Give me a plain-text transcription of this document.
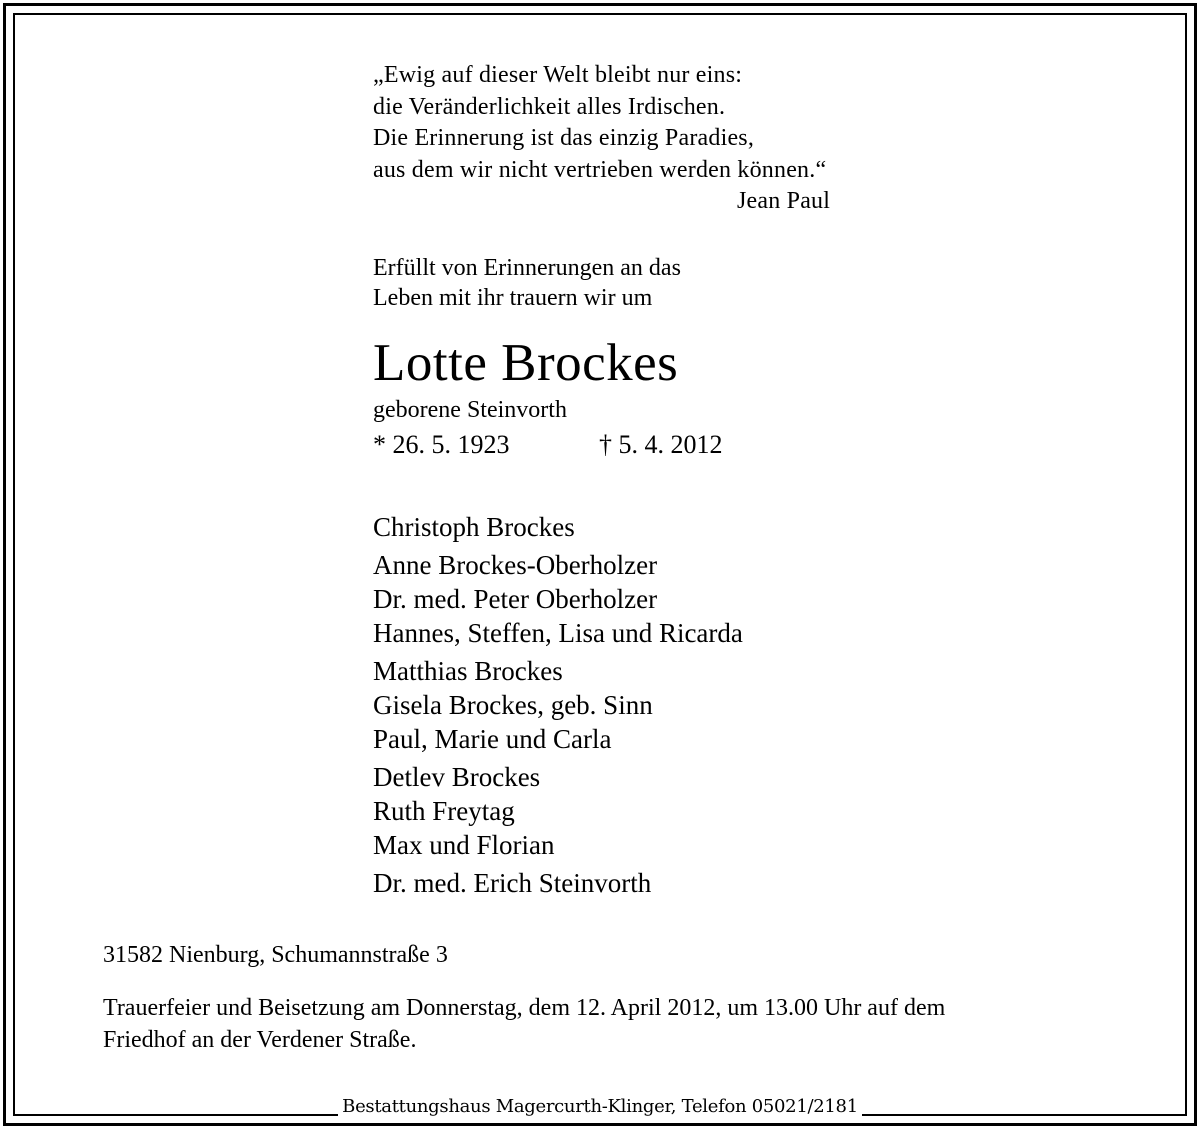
„Ewig auf dieser Welt bleibt nur eins:
die Veränderlichkeit alles Irdischen.
Die Erinnerung ist das einzig Paradies,
aus dem wir nicht vertrieben werden können.“
Jean Paul
Erfüllt von Erinnerungen an das
Leben mit ihr trauern wir um
Lotte Brockes
geborene Steinvorth
* 26. 5. 1923	† 5. 4. 2012
Christoph Brockes
Anne Brockes-Oberholzer
Dr. med. Peter Oberholzer
Hannes, Steffen, Lisa und Ricarda
Matthias Brockes
Gisela Brockes, geb. Sinn
Paul, Marie und Carla
Detlev Brockes
Ruth Freytag
Max und Florian
Dr. med. Erich Steinvorth
31582 Nienburg, Schumannstraße 3
Trauerfeier und Beisetzung am Donnerstag, dem 12. April 2012, um 13.00 Uhr auf dem
Friedhof an der Verdener Straße.
Bestattungshaus Magercurth-Klinger, Telefon 05021/2181
